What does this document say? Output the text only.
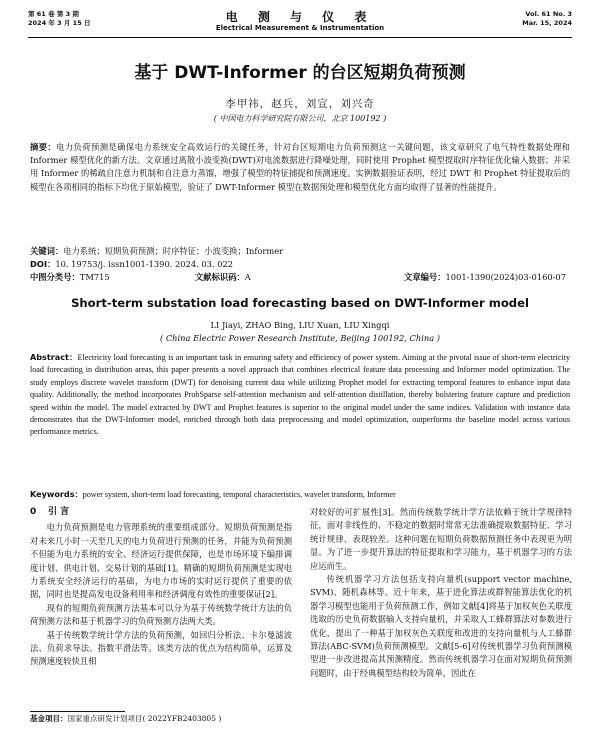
第 61 卷 第 3 期
2024 年 3 月 15 日	电 测 与 仪 表
Electrical Measurement & Instrumentation
Vol. 61 No. 3
Mar. 15, 2024
基于 DWT-Informer 的台区短期负荷预测
李甲祎，赵兵，刘宣，刘兴奇
( 中国电力科学研究院有限公司，北京 100192 )
摘要：电力负荷预测是确保电力系统安全高效运行的关键任务，针对台区短期电力负荷预测这一关键问题，该文章研究了电气特性数据处理和 Informer 模型优化的新方法。文章通过离散小波变换(DWT)对电流数据进行降噪处理，同时使用 Prophet 模型提取时序特征优化输入数据；并采用 Informer 的稀疏自注意力机制和自注意力蒸馏，增强了模型的特征捕捉和预测速度。实例数据验证表明，经过 DWT 和 Prophet 特征提取后的模型在各项相同的指标下均优于原始模型，验证了 DWT-Informer 模型在数据预处理和模型优化方面均取得了显著的性能提升。
关键词：电力系统；短期负荷预测；时序特征；小波变换；Informer
DOI：10. 19753/j. issn1001-1390. 2024. 03. 022
中图分类号：TM715	文献标识码：A	文章编号：1001-1390(2024)03-0160-07
Short-term substation load forecasting based on DWT-Informer model
LI Jiayi, ZHAO Bing, LIU Xuan, LIU Xingqi
( China Electric Power Research Institute, Beijing 100192, China )
Abstract：Electricity load forecasting is an important task in ensuring safety and efficiency of power system. Aiming at the pivotal issue of short-term electricity load forecasting in distribution areas, this paper presents a novel approach that combines electrical feature data processing and Informer model optimization. The study employs discrete wavelet transform (DWT) for denoising current data while utilizing Prophet model for extracting temporal features to enhance input data quality. Additionally, the method incorporates ProbSparse self-attention mechanism and self-attention distillation, thereby bolstering feature capture and prediction speed within the model. The model extracted by DWT and Prophet features is superior to the original model under the same indices. Validation with instance data demonstrates that the DWT-Informer model, enriched through both data preprocessing and model optimization, outperforms the baseline model across various performance metrics.
Keywords：power system, short-term load forecasting, temporal characteristics, wavelet transform, Informer
0 引 言

电力负荷预测是电力管理系统的重要组成部分。短期负荷预测是指对未来几小时一天至几天的电力负荷进行预测的任务，并能为负荷预测不但能为电力系统的安全、经济运行提供保障，也是市场环境下编排调度计划、供电计划、交易计划的基础[1]。精确的短期负荷预测是实现电力系统安全经济运行的基础，为电力市场的实时运行提供了重要的依据，同时也是提高发电设备利用率和经济调度有效性的重要保证[2]。

现有的短期负荷预测方法基本可以分为基于传统数学统计方法的负荷预测方法和基于机器学习的负荷预测方法两大类。

基于传统数学统计学方法的负荷预测，如回归分析法、卡尔曼滤波法、负荷求导法、指数平滑法等。该类方法的优点为结构简单，运算及预测速度较快且相

对较好的可扩展性[3]。然而传统数学统计学方法依赖于统计学规律特征，面对非线性的、不稳定的数据时常常无法准确提取数据特征、学习统计规律、表现较差。这种问题在短期负荷数据预测任务中表现更为明显。为了进一步提升算法的特征提取和学习能力，基于机器学习的方法应运而生。

传统机器学习方法包括支持向量机(support vector machine, SVM)、随机森林等。近十年来，基于进化算法或群智能算法优化的机器学习模型也能用于负荷预测工作，例如文献[4]将基于加权灰色关联度选取的历史负荷数据输入支持向量机，并采取人工蜂群算法对参数进行优化，提出了一种基于加权灰色关联度和改进的支持向量机与人工蜂群算法(ABC-SVM)负荷预测模型。文献[5-6]对传统机器学习负荷预测模型进一步改进提高其预测精度。然而传统机器学习在面对短期负荷预测问题时，由于经典模型结构较为简单，因此在

基金项目：国家重点研发计划项目( 2022YFB2403805 )
